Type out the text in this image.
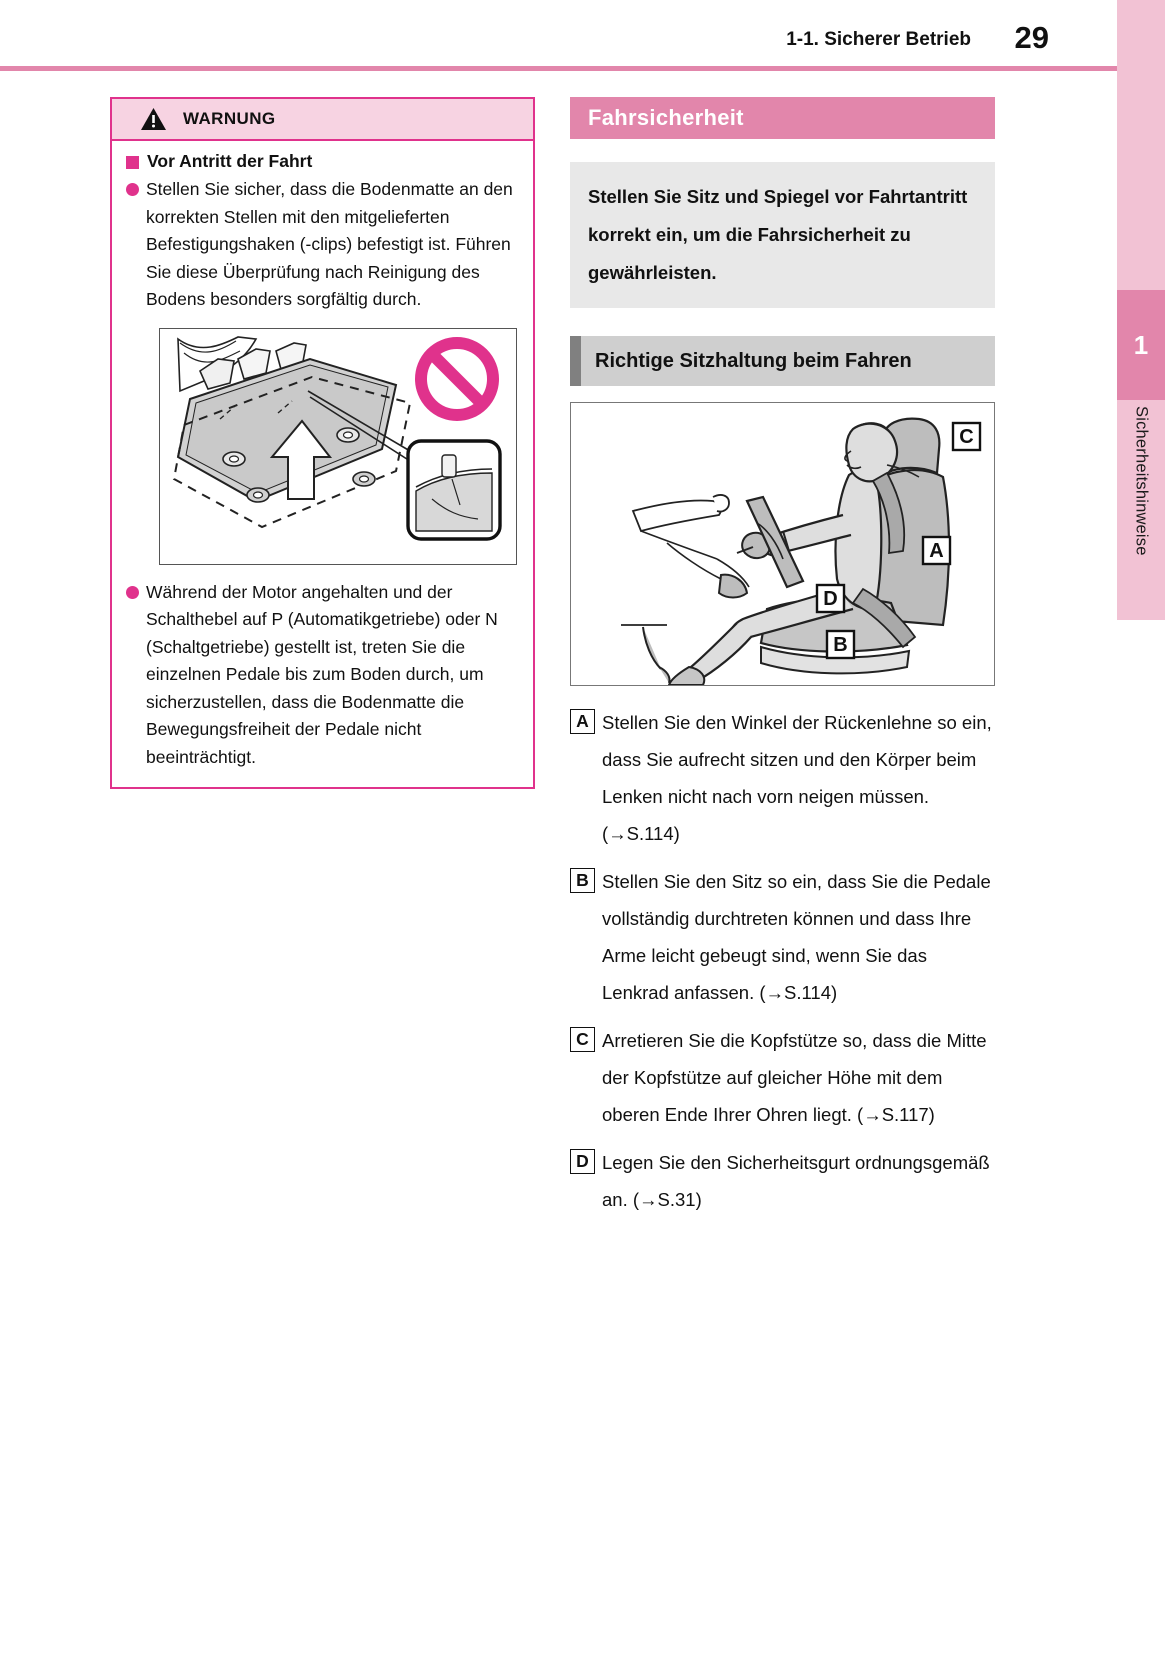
1
Sicherheitshinweise
1-1. Sicherer Betrieb 29
WARNUNG
Vor Antritt der Fahrt
Stellen Sie sicher, dass die Bodenmatte an den korrekten Stellen mit den mitgelieferten Befestigungshaken (-clips) befestigt ist. Führen Sie diese Überprüfung nach Reinigung des Bodens besonders sorgfältig durch.
Während der Motor angehalten und der Schalthebel auf P (Automatikgetriebe) oder N (Schaltgetriebe) gestellt ist, treten Sie die einzelnen Pedale bis zum Boden durch, um sicherzustellen, dass die Bodenmatte die Bewegungsfreiheit der Pedale nicht beeinträchtigt.
Fahrsicherheit
Stellen Sie Sitz und Spiegel vor Fahrtantritt korrekt ein, um die Fahrsicherheit zu gewährleisten.
Richtige Sitzhaltung beim Fahren
C
A
D
B
A Stellen Sie den Winkel der Rückenlehne so ein, dass Sie aufrecht sitzen und den Körper beim Lenken nicht nach vorn neigen müssen. (→S.114)
B Stellen Sie den Sitz so ein, dass Sie die Pedale vollständig durchtreten können und dass Ihre Arme leicht gebeugt sind, wenn Sie das Lenkrad anfassen. (→S.114)
C Arretieren Sie die Kopfstütze so, dass die Mitte der Kopfstütze auf gleicher Höhe mit dem oberen Ende Ihrer Ohren liegt. (→S.117)
D Legen Sie den Sicherheitsgurt ordnungsgemäß an. (→S.31)
